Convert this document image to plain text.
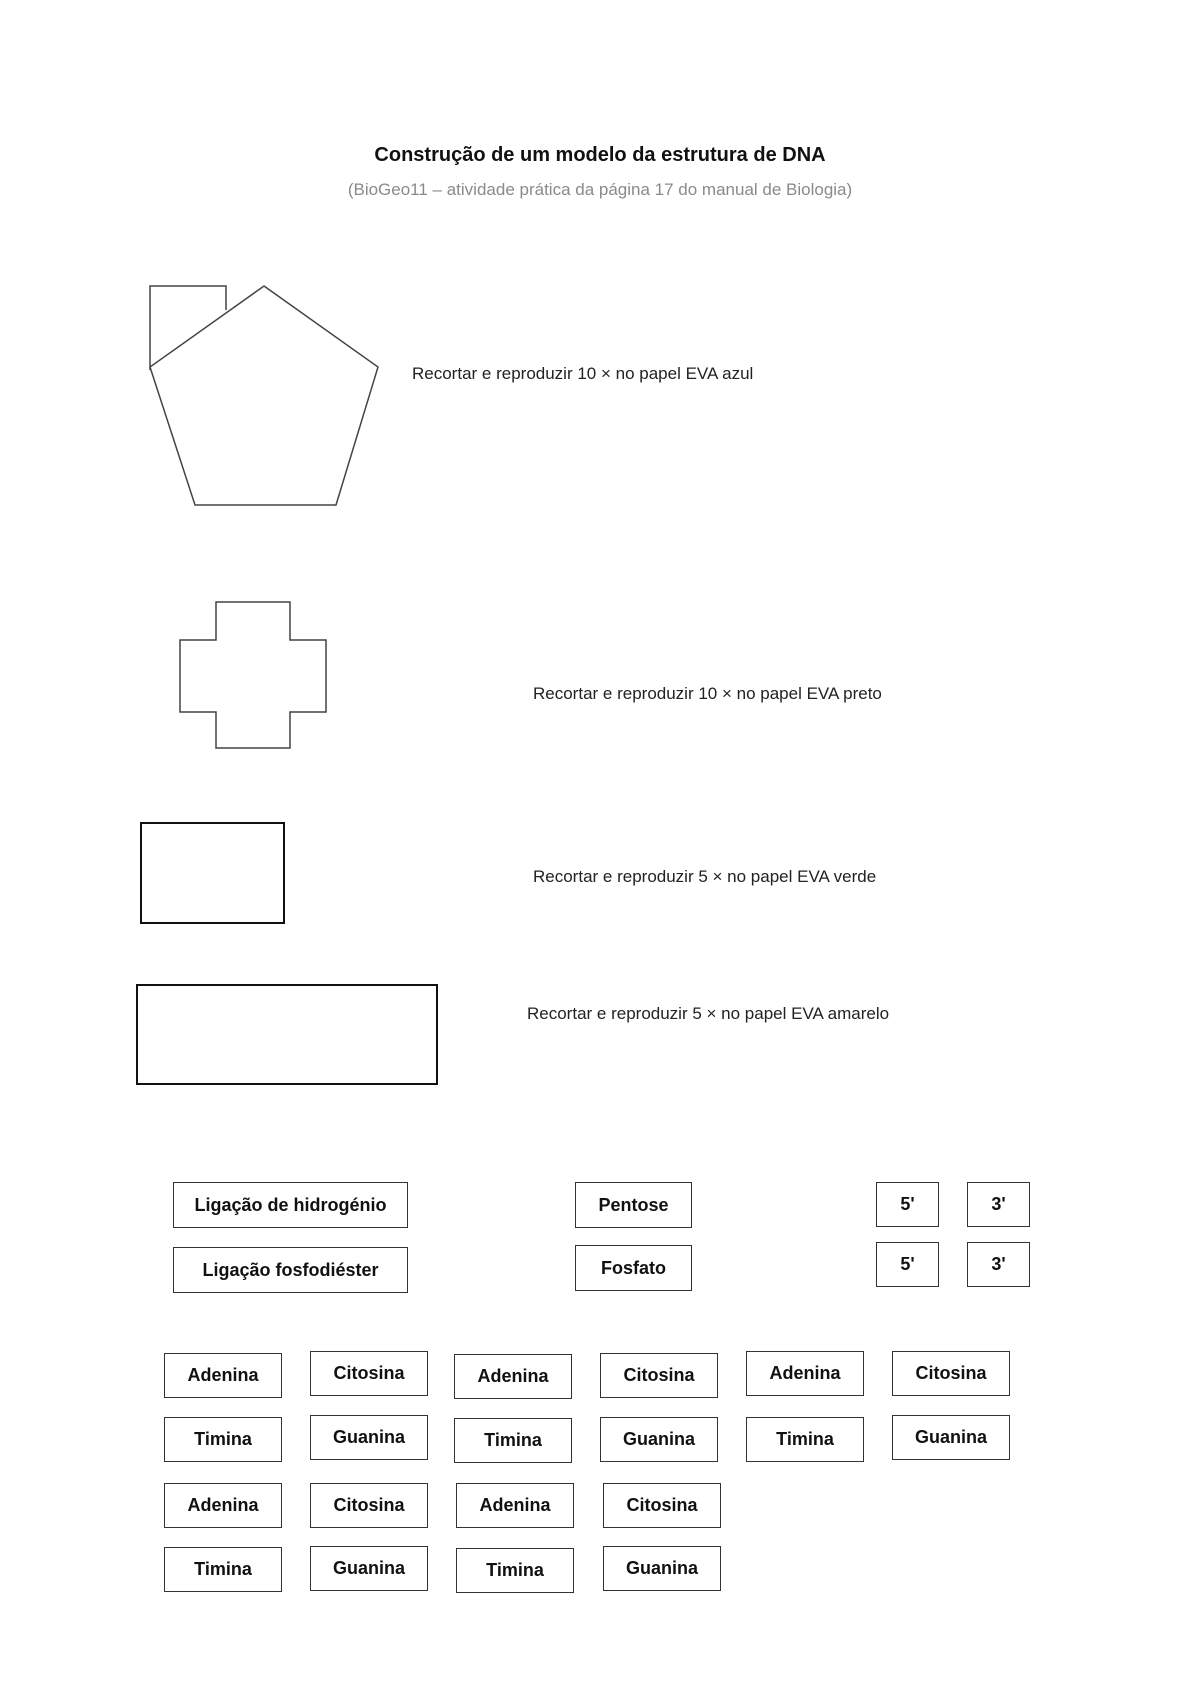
Construção de um modelo da estrutura de DNA
(BioGeo11 – atividade prática da página 17 do manual de Biologia)
Recortar e reproduzir 10 × no papel EVA azul
Recortar e reproduzir 10 × no papel EVA preto
Recortar e reproduzir 5 × no papel EVA verde
Recortar e reproduzir 5 × no papel EVA amarelo
Ligação de hidrogénio
Ligação fosfodiéster
Pentose
Fosfato
5'	3'
5'	3'
Adenina	Citosina	Adenina	Citosina	Adenina	Citosina
Timina	Guanina	Timina	Guanina	Timina	Guanina
Adenina	Citosina	Adenina	Citosina
Timina	Guanina	Timina	Guanina
